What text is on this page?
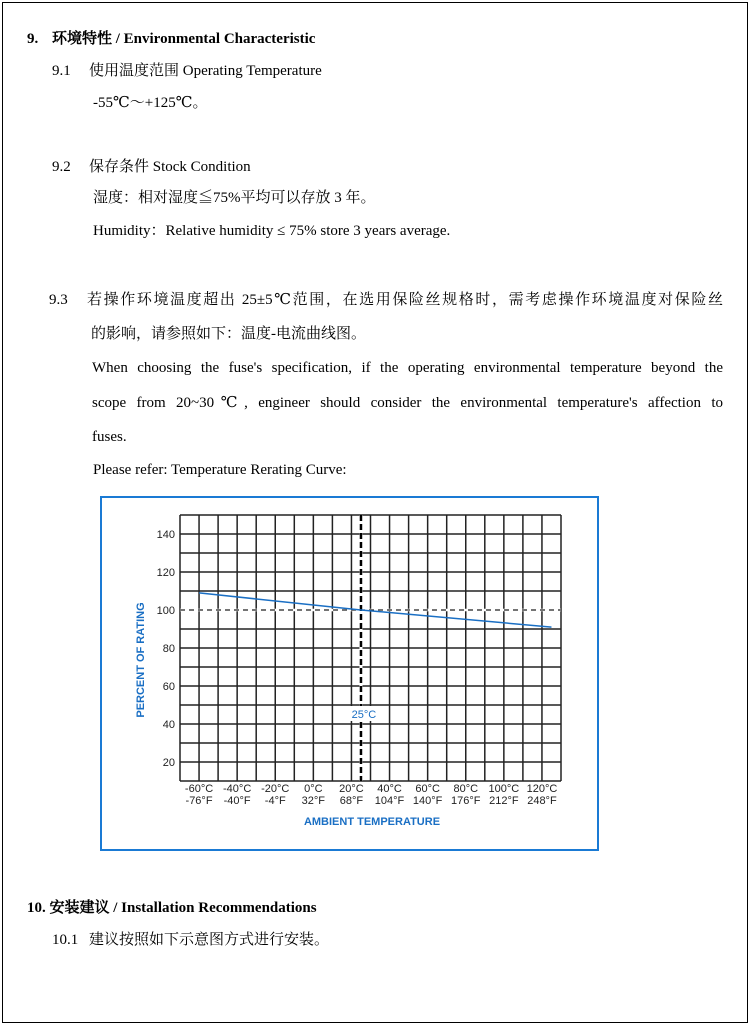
9. 环境特性 / Environmental Characteristic
9.1 使用温度范围 Operating Temperature
-55℃～+125℃。
9.2 保存条件 Stock Condition
湿度：相对湿度≦75%平均可以存放 3 年。
Humidity：Relative humidity ≤ 75% store 3 years average.
9.3 若操作环境温度超出 25±5℃范围，在选用保险丝规格时，需考虑操作环境温度对保险丝
的影响，请参照如下：温度-电流曲线图。
When choosing the fuse's specification, if the operating environmental temperature beyond the
scope from 20~30℃, engineer should consider the environmental temperature's affection to
fuses.
Please refer: Temperature Rerating Curve:
20
40
60
80
100
120
140
-60°C
-76°F
-40°C
-40°F
-20°C
-4°F
0°C
32°F
20°C
68°F
40°C
104°F
60°C
140°F
80°C
176°F
100°C
212°F
120°C
248°F
25°C
PERCENT OF RATING
AMBIENT TEMPERATURE
10. 安装建议 / Installation Recommendations
10.1 建议按照如下示意图方式进行安装。
